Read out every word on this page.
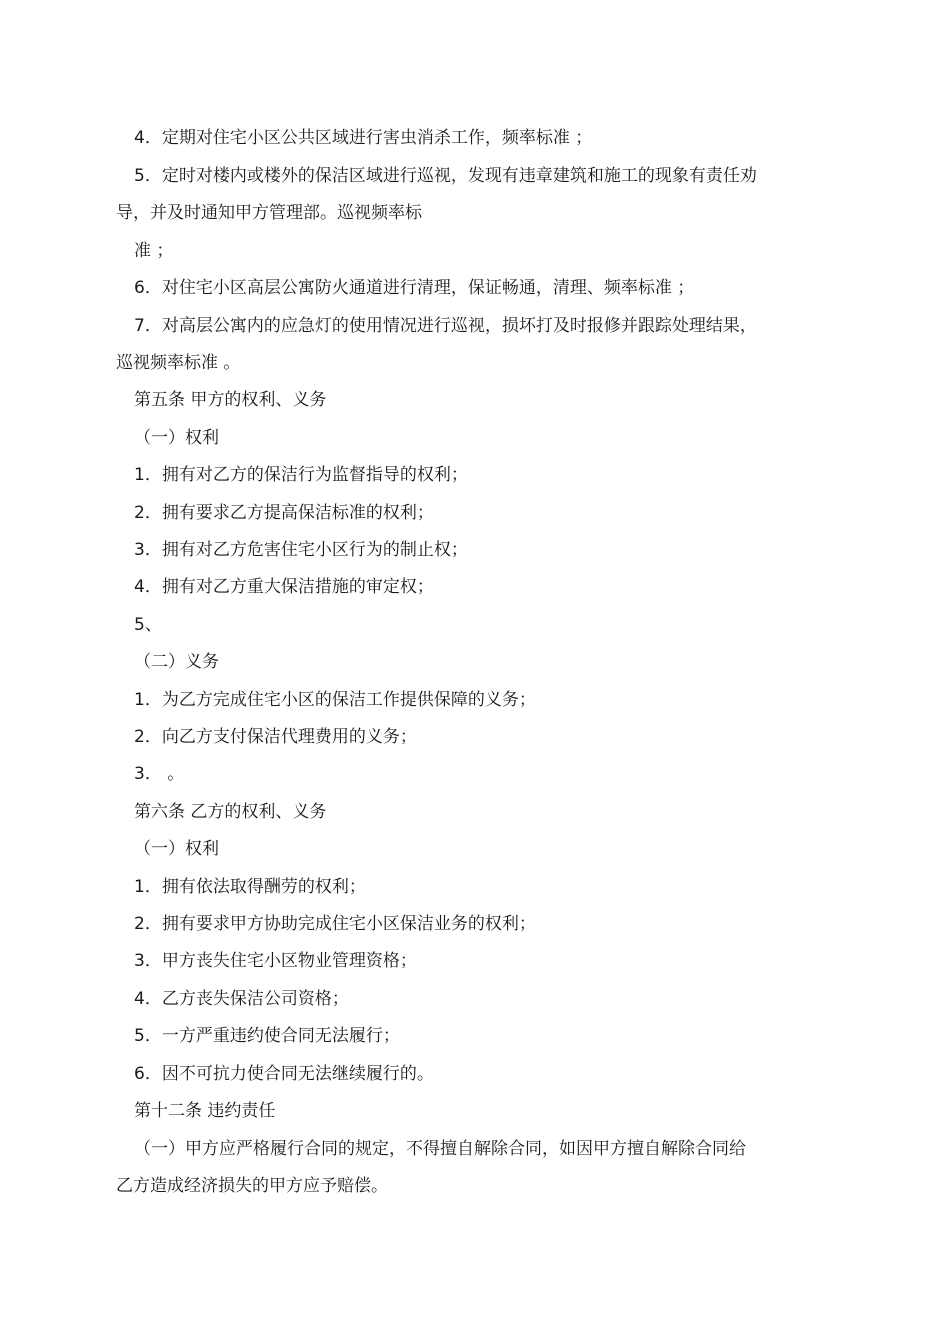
4．定期对住宅小区公共区域进行害虫消杀工作，频率标准 ；
5．定时对楼内或楼外的保洁区域进行巡视，发现有违章建筑和施工的现象有责任劝
导，并及时通知甲方管理部。巡视频率标
准 ；
6．对住宅小区高层公寓防火通道进行清理，保证畅通，清理、频率标准 ；
7．对高层公寓内的应急灯的使用情况进行巡视，损坏打及时报修并跟踪处理结果，
巡视频率标准 。
第五条 甲方的权利、义务
（一）权利
1．拥有对乙方的保洁行为监督指导的权利；
2．拥有要求乙方提高保洁标准的权利；
3．拥有对乙方危害住宅小区行为的制止权；
4．拥有对乙方重大保洁措施的审定权；
5、
（二）义务
1．为乙方完成住宅小区的保洁工作提供保障的义务；
2．向乙方支付保洁代理费用的义务；
3． 。
第六条 乙方的权利、义务
（一）权利
1．拥有依法取得酬劳的权利；
2．拥有要求甲方协助完成住宅小区保洁业务的权利；
3．甲方丧失住宅小区物业管理资格；
4．乙方丧失保洁公司资格；
5．一方严重违约使合同无法履行；
6．因不可抗力使合同无法继续履行的。
第十二条 违约责任
（一）甲方应严格履行合同的规定，不得擅自解除合同，如因甲方擅自解除合同给
乙方造成经济损失的甲方应予赔偿。
